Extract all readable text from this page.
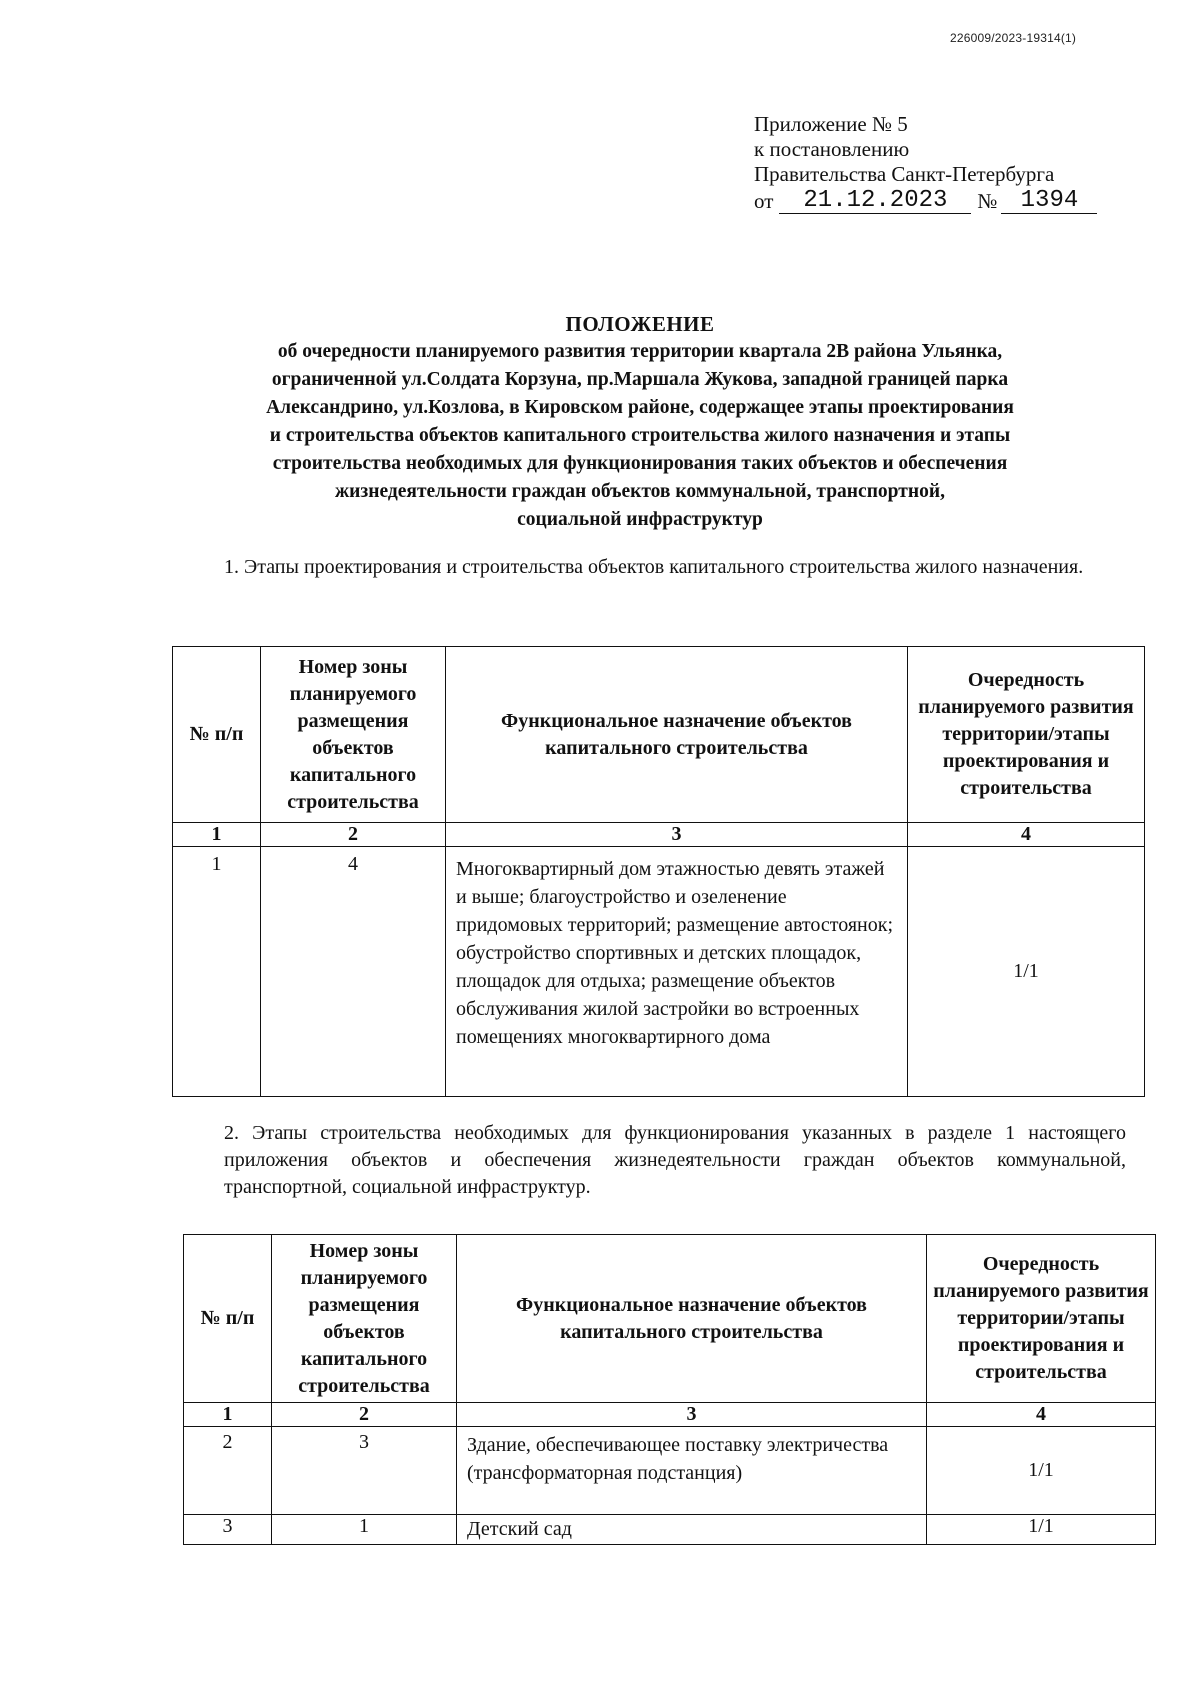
226009/2023-19314(1)
Приложение № 5
к постановлению
Правительства Санкт-Петербурга
от	21.12.2023	№ 1394
ПОЛОЖЕНИЕ
об очередности планируемого развития территории квартала 2В района Ульянка,
ограниченной ул.Солдата Корзуна, пр.Маршала Жукова, западной границей парка
Александрино, ул.Козлова, в Кировском районе, содержащее этапы проектирования
и строительства объектов капитального строительства жилого назначения и этапы
строительства необходимых для функционирования таких объектов и обеспечения
жизнедеятельности граждан объектов коммунальной, транспортной,
социальной инфраструктур
1. Этапы проектирования и строительства объектов капитального строительства жилого назначения.
№ п/п	Номер зоны планируемого размещения объектов капитального строительства	Функциональное назначение объектов капитального строительства	Очередность планируемого развития территории/этапы проектирования и строительства
1	2	3	4
1	4	Многоквартирный дом этажностью девять этажей и выше; благоустройство и озеленение придомовых территорий; размещение автостоянок; обустройство спортивных и детских площадок, площадок для отдыха; размещение объектов обслуживания жилой застройки во встроенных помещениях многоквартирного дома	1/1
2. Этапы строительства необходимых для функционирования указанных в разделе 1 настоящего приложения объектов и обеспечения жизнедеятельности граждан объектов коммунальной, транспортной, социальной инфраструктур.
№ п/п	Номер зоны планируемого размещения объектов капитального строительства	Функциональное назначение объектов капитального строительства	Очередность планируемого развития территории/этапы проектирования и строительства
1	2	3	4
2	3	Здание, обеспечивающее поставку электричества (трансформаторная подстанция)	1/1
3	1	Детский сад	1/1
